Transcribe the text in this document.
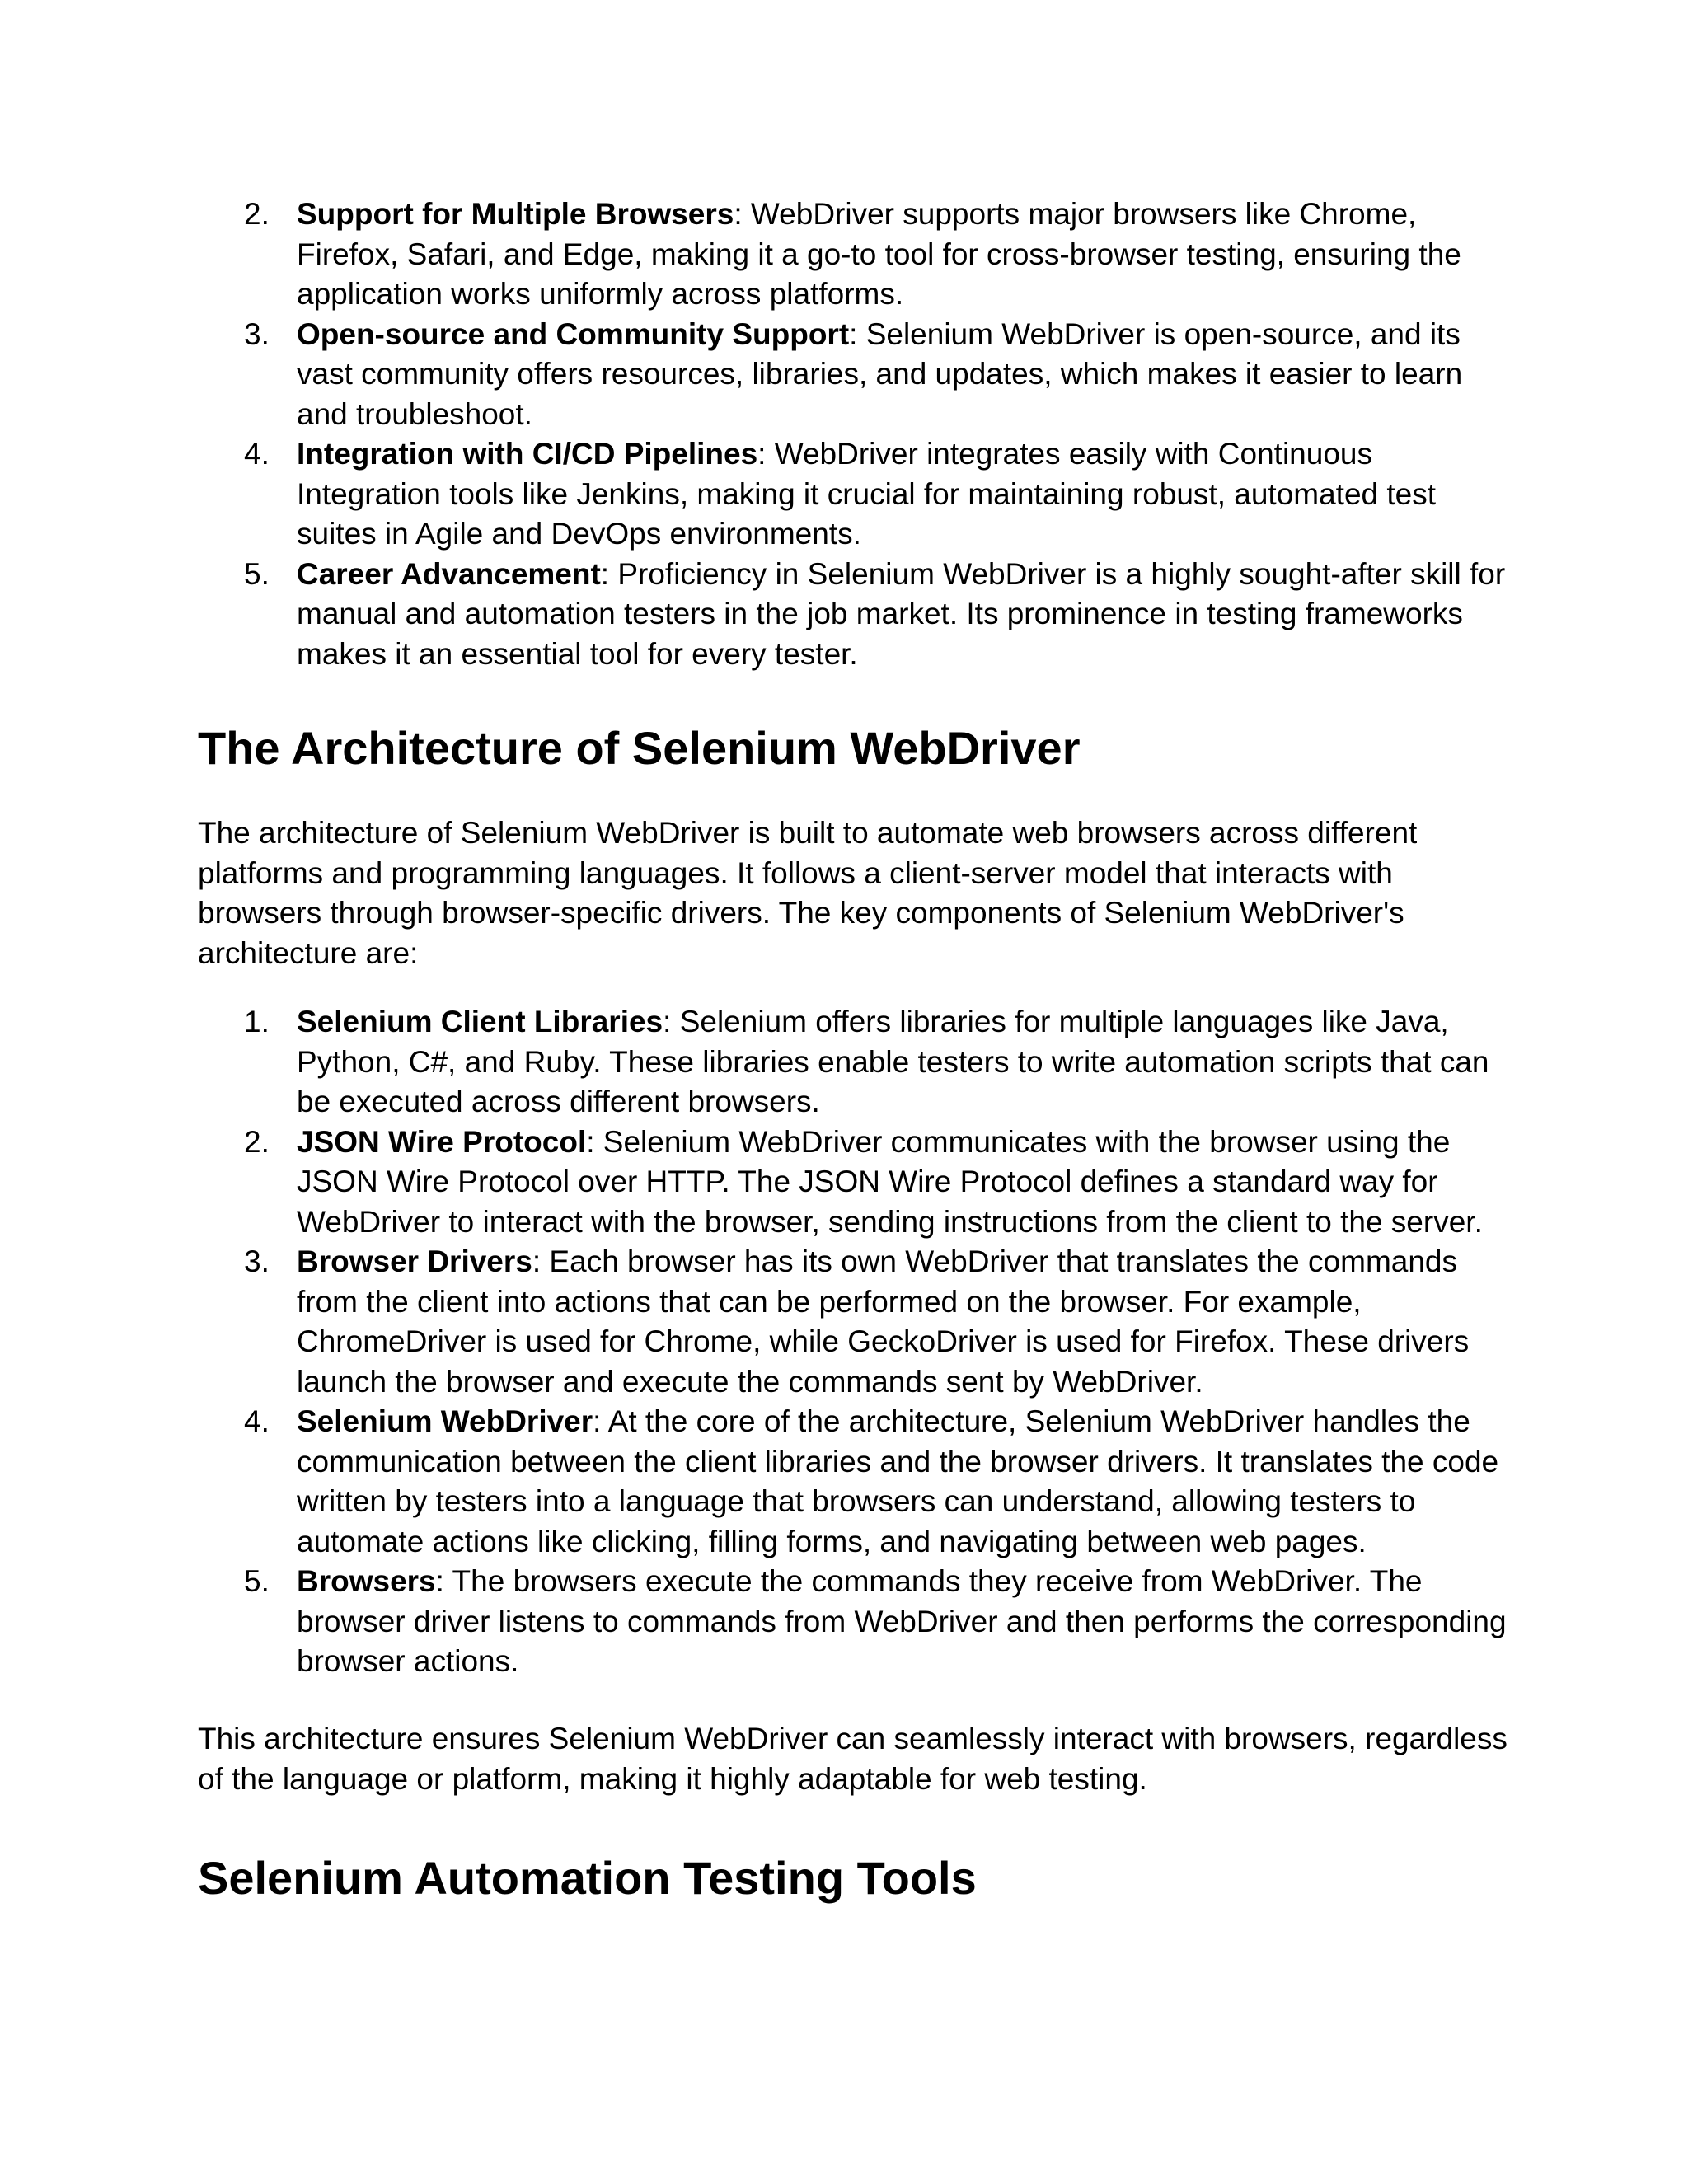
2. Support for Multiple Browsers: WebDriver supports major browsers like Chrome, Firefox, Safari, and Edge, making it a go-to tool for cross-browser testing, ensuring the application works uniformly across platforms.
3. Open-source and Community Support: Selenium WebDriver is open-source, and its vast community offers resources, libraries, and updates, which makes it easier to learn and troubleshoot.
4. Integration with CI/CD Pipelines: WebDriver integrates easily with Continuous Integration tools like Jenkins, making it crucial for maintaining robust, automated test suites in Agile and DevOps environments.
5. Career Advancement: Proficiency in Selenium WebDriver is a highly sought-after skill for manual and automation testers in the job market. Its prominence in testing frameworks makes it an essential tool for every tester.
The Architecture of Selenium WebDriver

The architecture of Selenium WebDriver is built to automate web browsers across different platforms and programming languages. It follows a client-server model that interacts with browsers through browser-specific drivers. The key components of Selenium WebDriver's architecture are:

1. Selenium Client Libraries: Selenium offers libraries for multiple languages like Java, Python, C#, and Ruby. These libraries enable testers to write automation scripts that can be executed across different browsers.
2. JSON Wire Protocol: Selenium WebDriver communicates with the browser using the JSON Wire Protocol over HTTP. The JSON Wire Protocol defines a standard way for WebDriver to interact with the browser, sending instructions from the client to the server.
3. Browser Drivers: Each browser has its own WebDriver that translates the commands from the client into actions that can be performed on the browser. For example, ChromeDriver is used for Chrome, while GeckoDriver is used for Firefox. These drivers launch the browser and execute the commands sent by WebDriver.
4. Selenium WebDriver: At the core of the architecture, Selenium WebDriver handles the communication between the client libraries and the browser drivers. It translates the code written by testers into a language that browsers can understand, allowing testers to automate actions like clicking, filling forms, and navigating between web pages.
5. Browsers: The browsers execute the commands they receive from WebDriver. The browser driver listens to commands from WebDriver and then performs the corresponding browser actions.

This architecture ensures Selenium WebDriver can seamlessly interact with browsers, regardless of the language or platform, making it highly adaptable for web testing.

Selenium Automation Testing Tools
